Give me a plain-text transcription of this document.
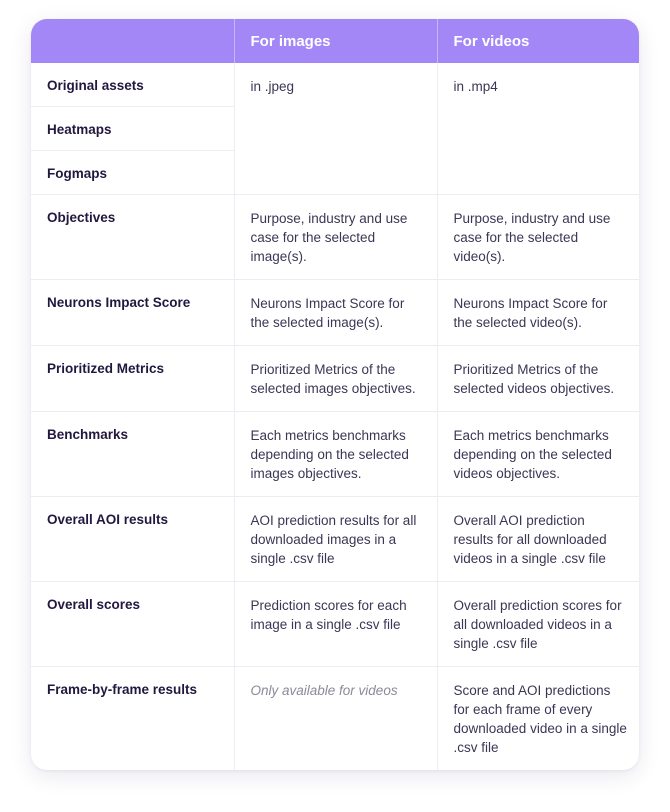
	For images	For videos

Original assets	in .jpeg	in .mp4

Heatmaps		

Fogmaps		

Objectives	Purpose, industry and use case for the selected image(s).	Purpose, industry and use case for the selected video(s).

Neurons Impact Score	Neurons Impact Score for the selected image(s).	Neurons Impact Score for the selected video(s).

Prioritized Metrics	Prioritized Metrics of the selected images objectives.	Prioritized Metrics of the selected videos objectives.

Benchmarks	Each metrics benchmarks depending on the selected images objectives.	Each metrics benchmarks depending on the selected videos objectives.

Overall AOI results	AOI prediction results for all downloaded images in a single .csv file	Overall AOI prediction results for all downloaded videos in a single .csv file

Overall scores	Prediction scores for each image in a single .csv file	Overall prediction scores for all downloaded videos in a single .csv file

Frame-by-frame results	Only available for videos	Score and AOI predictions for each frame of every downloaded video in a single .csv file
